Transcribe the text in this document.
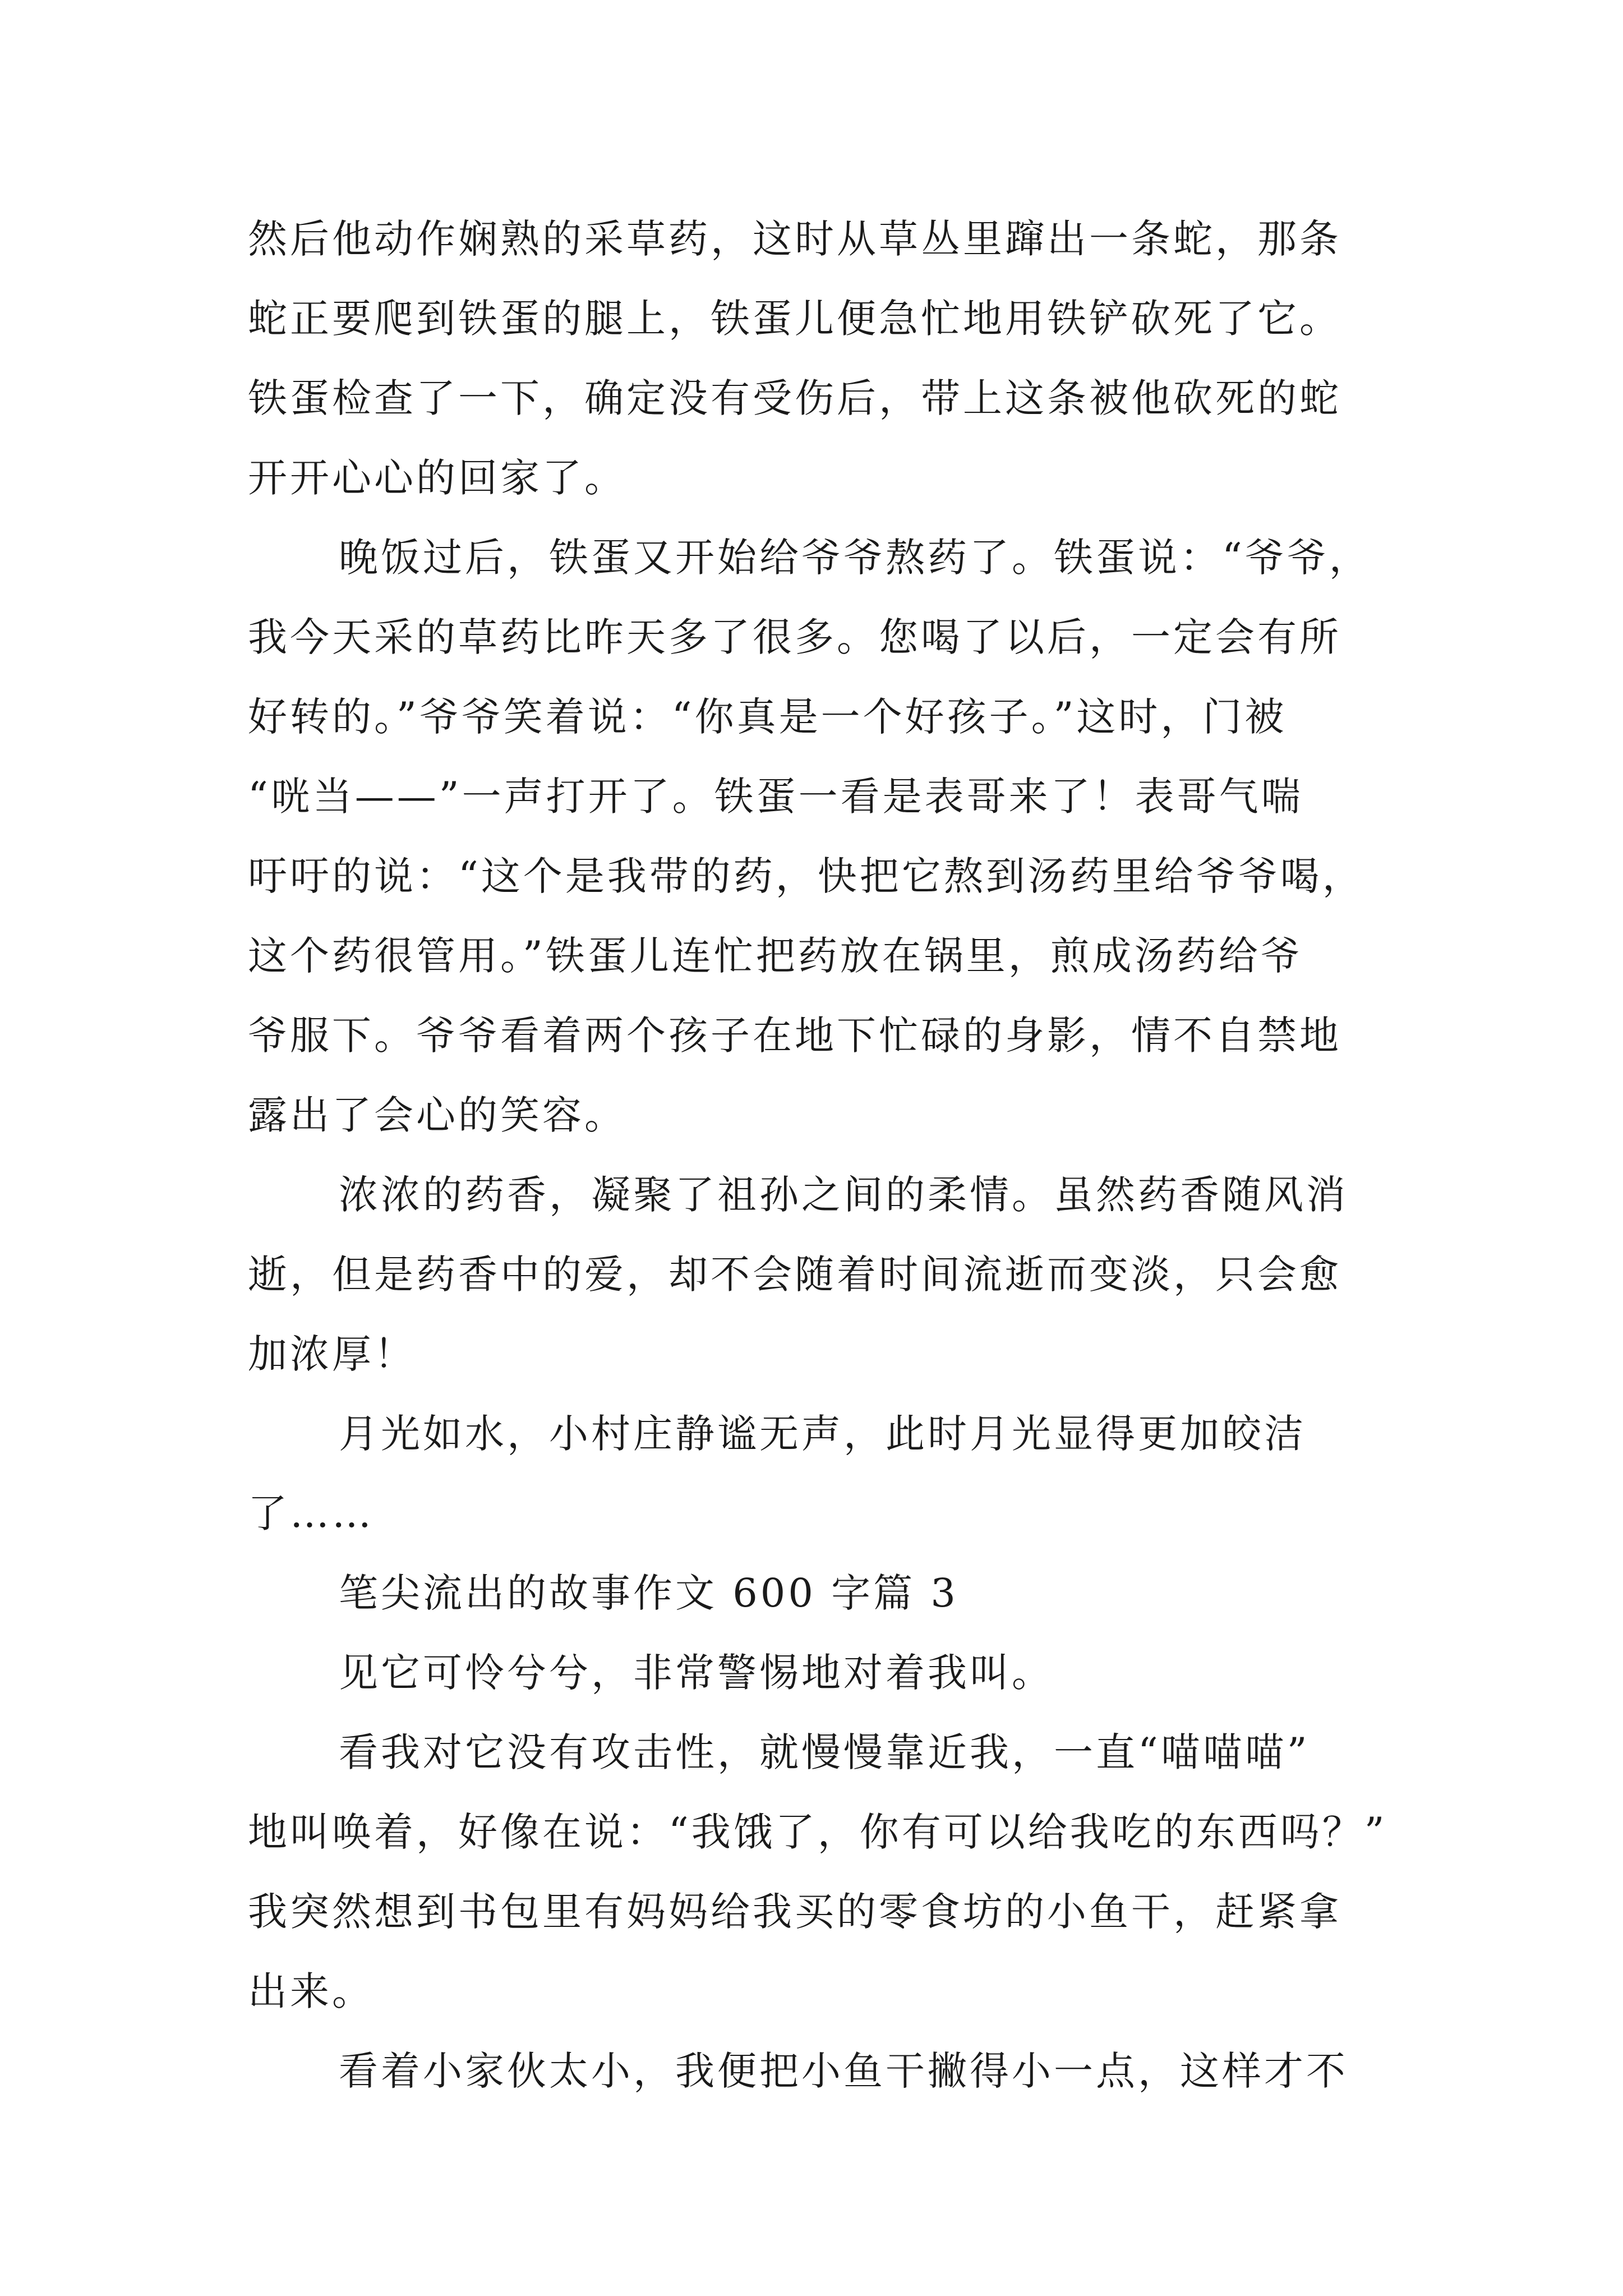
然后他动作娴熟的采草药，这时从草丛里蹿出一条蛇，那条
蛇正要爬到铁蛋的腿上，铁蛋儿便急忙地用铁铲砍死了它。
铁蛋检查了一下，确定没有受伤后，带上这条被他砍死的蛇
开开心心的回家了。
晚饭过后，铁蛋又开始给爷爷熬药了。铁蛋说：“爷爷，
我今天采的草药比昨天多了很多。您喝了以后，一定会有所
好转的。”爷爷笑着说：“你真是一个好孩子。”这时，门被
“咣当——”一声打开了。铁蛋一看是表哥来了！表哥气喘
吁吁的说：“这个是我带的药，快把它熬到汤药里给爷爷喝，
这个药很管用。”铁蛋儿连忙把药放在锅里，煎成汤药给爷
爷服下。爷爷看着两个孩子在地下忙碌的身影，情不自禁地
露出了会心的笑容。
浓浓的药香，凝聚了祖孙之间的柔情。虽然药香随风消
逝，但是药香中的爱，却不会随着时间流逝而变淡，只会愈
加浓厚！
月光如水，小村庄静谧无声，此时月光显得更加皎洁
了……
笔尖流出的故事作文 600 字篇 3
见它可怜兮兮，非常警惕地对着我叫。
看我对它没有攻击性，就慢慢靠近我，一直“喵喵喵”
地叫唤着，好像在说：“我饿了，你有可以给我吃的东西吗？”
我突然想到书包里有妈妈给我买的零食坊的小鱼干，赶紧拿
出来。
看着小家伙太小，我便把小鱼干撇得小一点，这样才不
